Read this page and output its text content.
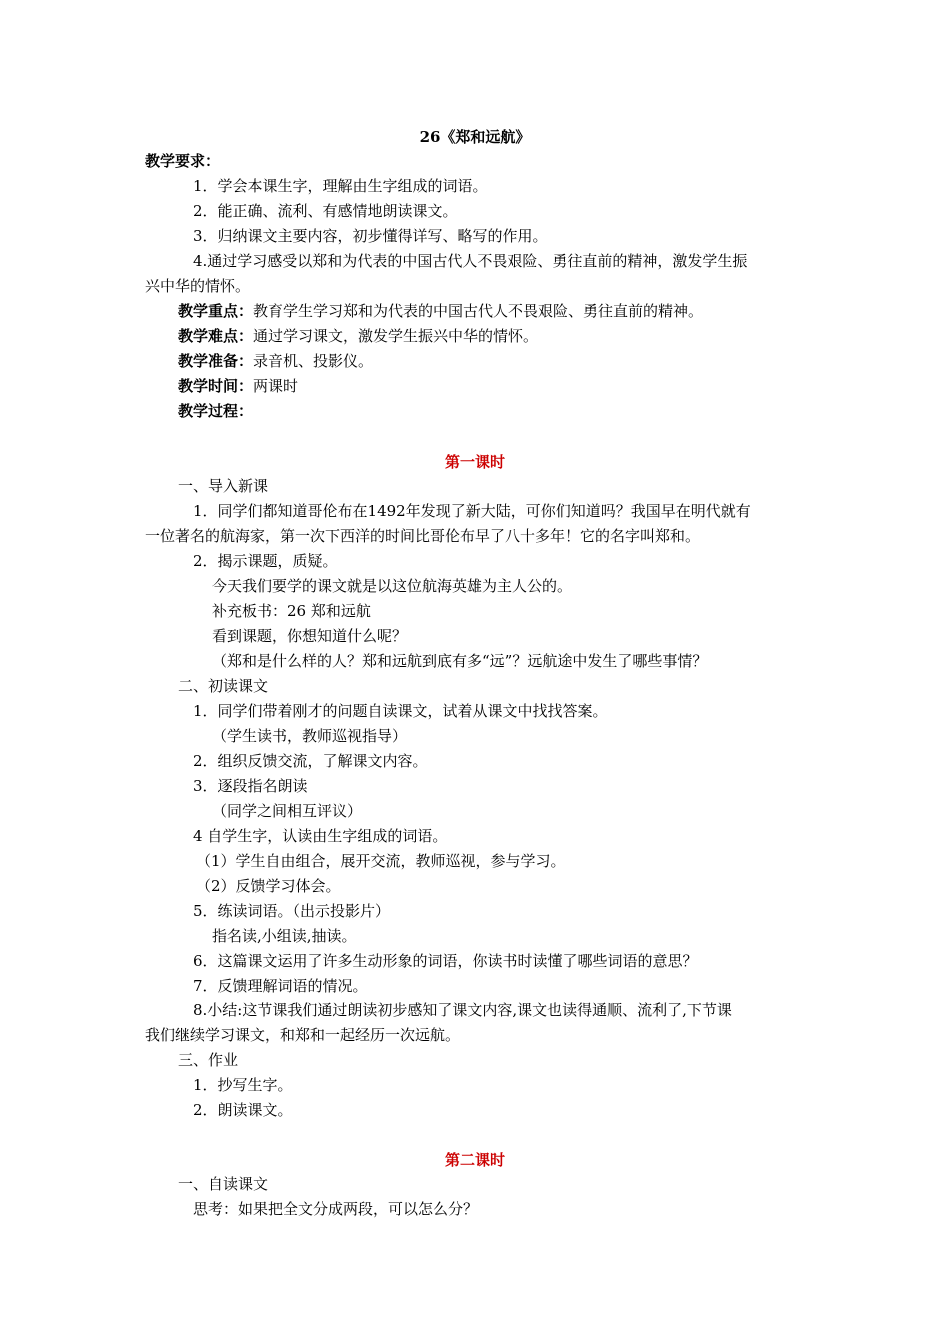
26《郑和远航》
教学要求：
1．学会本课生字，理解由生字组成的词语。
2．能正确、流利、有感情地朗读课文。
3．归纳课文主要内容，初步懂得详写、略写的作用。
4.通过学习感受以郑和为代表的中国古代人不畏艰险、勇往直前的精神，激发学生振
兴中华的情怀。
教学重点：教育学生学习郑和为代表的中国古代人不畏艰险、勇往直前的精神。
教学难点：通过学习课文，激发学生振兴中华的情怀。
教学准备：录音机、投影仪。
教学时间：两课时
教学过程：
第一课时
一、导入新课
1．同学们都知道哥伦布在1492年发现了新大陆，可你们知道吗？我国早在明代就有
一位著名的航海家，第一次下西洋的时间比哥伦布早了八十多年！它的名字叫郑和。
2．揭示课题，质疑。
今天我们要学的课文就是以这位航海英雄为主人公的。
补充板书：26 郑和远航
看到课题，你想知道什么呢？
（郑和是什么样的人？郑和远航到底有多“远”？远航途中发生了哪些事情？
二、初读课文
1．同学们带着刚才的问题自读课文，试着从课文中找找答案。
（学生读书，教师巡视指导）
2．组织反馈交流，了解课文内容。
3．逐段指名朗读
（同学之间相互评议）
4 自学生字，认读由生字组成的词语。
（1）学生自由组合，展开交流，教师巡视，参与学习。
（2）反馈学习体会。
5．练读词语。（出示投影片）
指名读,小组读,抽读。
6．这篇课文运用了许多生动形象的词语，你读书时读懂了哪些词语的意思？
7．反馈理解词语的情况。
8.小结:这节课我们通过朗读初步感知了课文内容,课文也读得通顺、流利了,下节课
我们继续学习课文，和郑和一起经历一次远航。
三、作业
1．抄写生字。
2．朗读课文。
第二课时
一、自读课文
思考：如果把全文分成两段，可以怎么分？
